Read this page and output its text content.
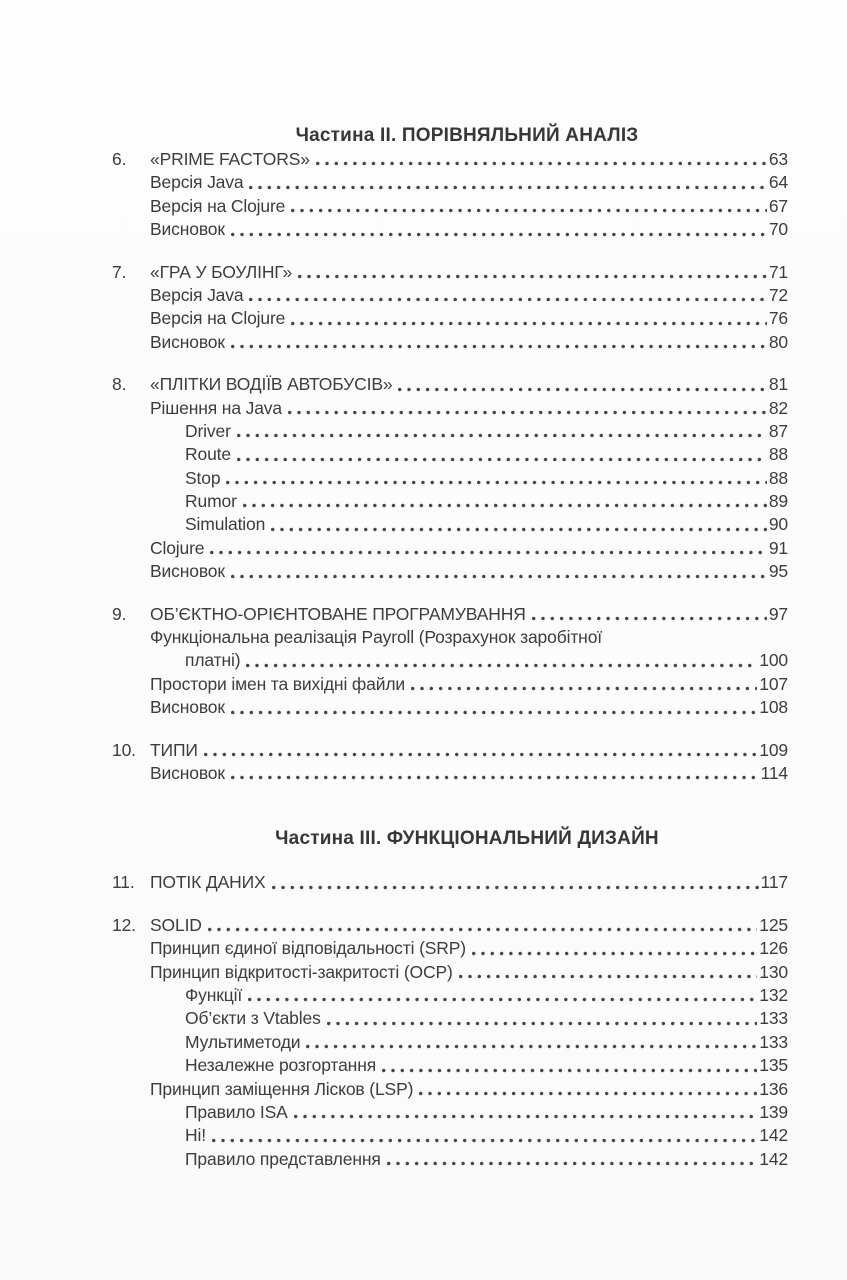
Частина II. ПОРІВНЯЛЬНИЙ АНАЛІЗ
6.	«PRIME FACTORS»	63
Версія Java	64
Версія на Clojure	67
Висновок	70
7.	«ГРА У БОУЛІНГ»	71
Версія Java	72
Версія на Clojure	76
Висновок	80
8.	«ПЛІТКИ ВОДІЇВ АВТОБУСІВ»	81
Рішення на Java	82
Driver	87
Route	88
Stop	88
Rumor	89
Simulation	90
Clojure	91
Висновок	95
9.	ОБ’ЄКТНО-ОРІЄНТОВАНЕ ПРОГРАМУВАННЯ	97
Функціональна реалізація Payroll (Розрахунок заробітної
платні)	100
Простори імен та вихідні файли	107
Висновок	108
10. ТИПИ	109
Висновок	114
Частина III. ФУНКЦІОНАЛЬНИЙ ДИЗАЙН
11. ПОТІК ДАНИХ	117
12. SOLID	125
Принцип єдиної відповідальності (SRP)	126
Принцип відкритості-закритості (OCP)	130
Функції	132
Об’єкти з Vtables	133
Мультиметоди	133
Незалежне розгортання	135
Принцип заміщення Лісков (LSP)	136
Правило ISA	139
Ні!	142
Правило представлення	142
